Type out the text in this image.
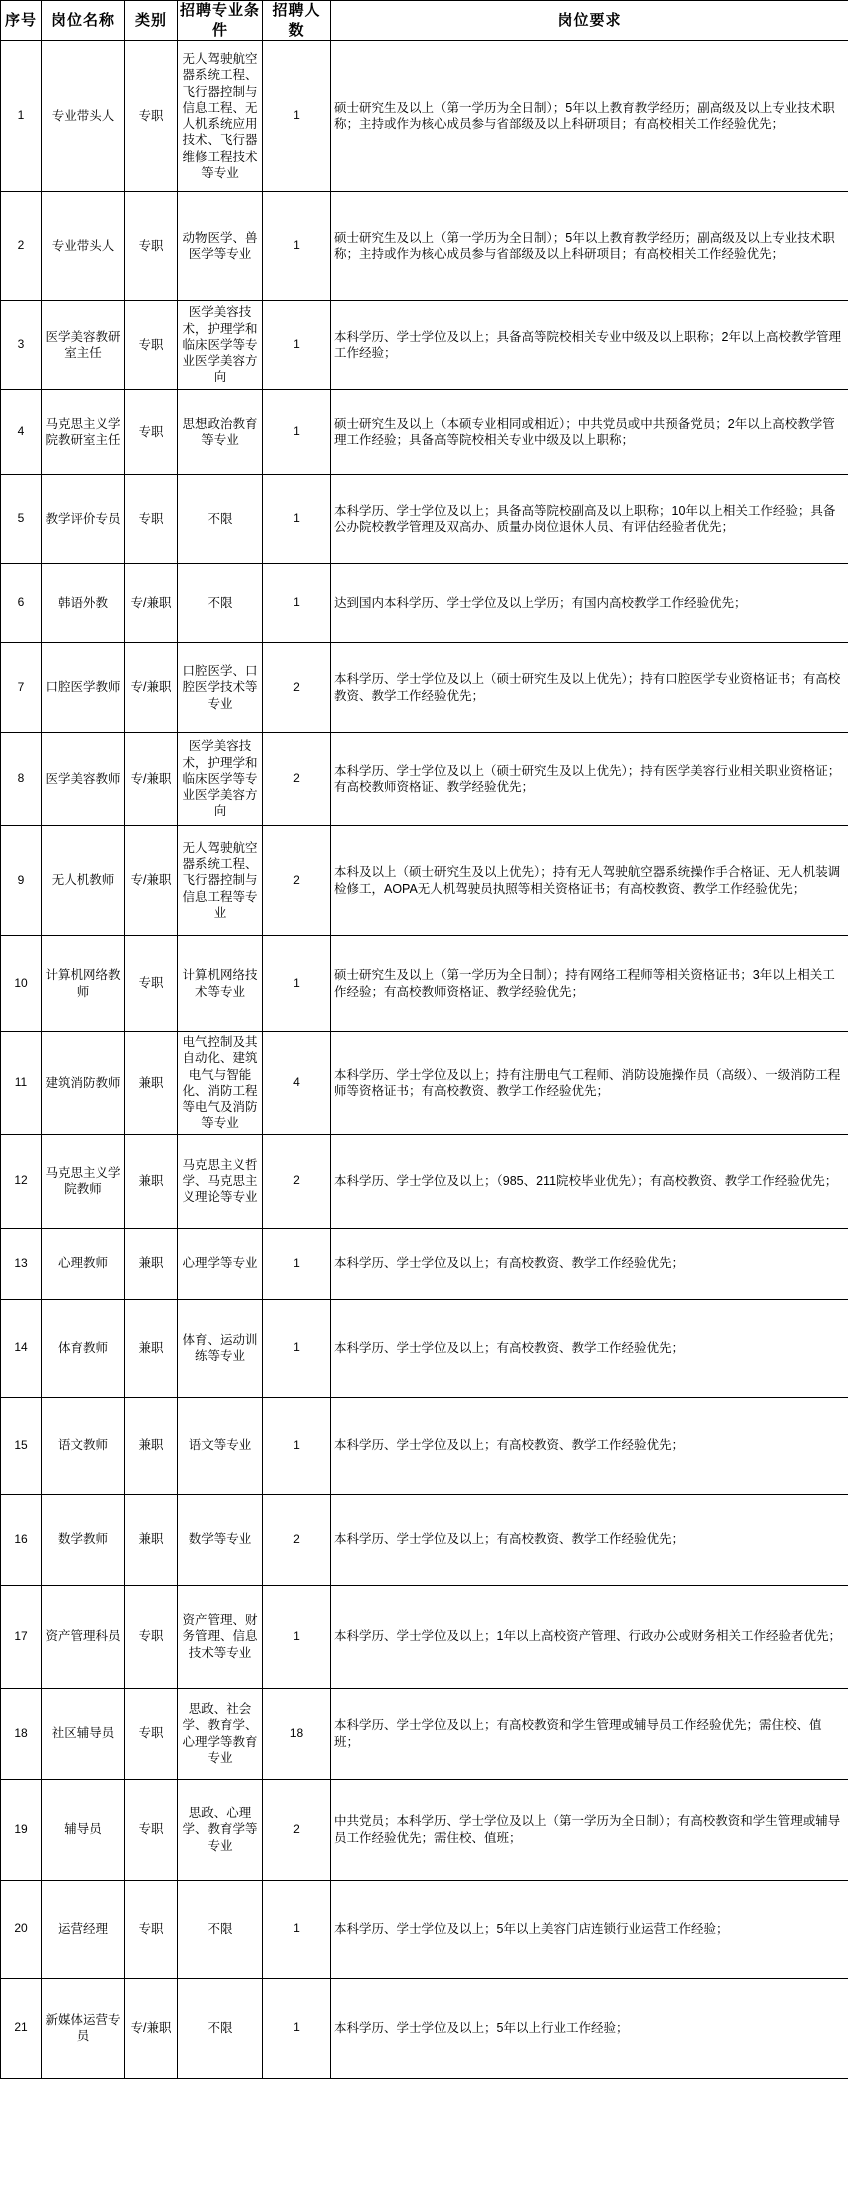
序号	岗位名称	类别	招聘专业条件	招聘人数	岗位要求
1	专业带头人	专职	无人驾驶航空器系统工程、飞行器控制与信息工程、无人机系统应用技术、飞行器维修工程技术等专业	1	硕士研究生及以上（第一学历为全日制）；5年以上教育教学经历；副高级及以上专业技术职称；主持或作为核心成员参与省部级及以上科研项目；有高校相关工作经验优先；
2	专业带头人	专职	动物医学、兽医学等专业	1	硕士研究生及以上（第一学历为全日制）；5年以上教育教学经历；副高级及以上专业技术职称；主持或作为核心成员参与省部级及以上科研项目；有高校相关工作经验优先；
3	医学美容教研室主任	专职	医学美容技术，护理学和临床医学等专业医学美容方向	1	本科学历、学士学位及以上；具备高等院校相关专业中级及以上职称；2年以上高校教学管理工作经验；
4	马克思主义学院教研室主任	专职	思想政治教育等专业	1	硕士研究生及以上（本硕专业相同或相近）；中共党员或中共预备党员；2年以上高校教学管理工作经验；具备高等院校相关专业中级及以上职称；
5	教学评价专员	专职	不限	1	本科学历、学士学位及以上；具备高等院校副高及以上职称；10年以上相关工作经验；具备公办院校教学管理及双高办、质量办岗位退休人员、有评估经验者优先；
6	韩语外教	专/兼职	不限	1	达到国内本科学历、学士学位及以上学历；有国内高校教学工作经验优先；
7	口腔医学教师	专/兼职	口腔医学、口腔医学技术等专业	2	本科学历、学士学位及以上（硕士研究生及以上优先）；持有口腔医学专业资格证书；有高校教资、教学工作经验优先；
8	医学美容教师	专/兼职	医学美容技术，护理学和临床医学等专业医学美容方向	2	本科学历、学士学位及以上（硕士研究生及以上优先）；持有医学美容行业相关职业资格证；有高校教师资格证、教学经验优先；
9	无人机教师	专/兼职	无人驾驶航空器系统工程、飞行器控制与信息工程等专业	2	本科及以上（硕士研究生及以上优先）；持有无人驾驶航空器系统操作手合格证、无人机装调检修工，AOPA无人机驾驶员执照等相关资格证书；有高校教资、教学工作经验优先；
10	计算机网络教师	专职	计算机网络技术等专业	1	硕士研究生及以上（第一学历为全日制）；持有网络工程师等相关资格证书；3年以上相关工作经验；有高校教师资格证、教学经验优先；
11	建筑消防教师	兼职	电气控制及其自动化、建筑电气与智能化、消防工程等电气及消防等专业	4	本科学历、学士学位及以上；持有注册电气工程师、消防设施操作员（高级）、一级消防工程师等资格证书；有高校教资、教学工作经验优先；
12	马克思主义学院教师	兼职	马克思主义哲学、马克思主义理论等专业	2	本科学历、学士学位及以上；（985、211院校毕业优先）；有高校教资、教学工作经验优先；
13	心理教师	兼职	心理学等专业	1	本科学历、学士学位及以上；有高校教资、教学工作经验优先；
14	体育教师	兼职	体育、运动训练等专业	1	本科学历、学士学位及以上；有高校教资、教学工作经验优先；
15	语文教师	兼职	语文等专业	1	本科学历、学士学位及以上；有高校教资、教学工作经验优先；
16	数学教师	兼职	数学等专业	2	本科学历、学士学位及以上；有高校教资、教学工作经验优先；
17	资产管理科员	专职	资产管理、财务管理、信息技术等专业	1	本科学历、学士学位及以上；1年以上高校资产管理、行政办公或财务相关工作经验者优先；
18	社区辅导员	专职	思政、社会学、教育学、心理学等教育专业	18	本科学历、学士学位及以上；有高校教资和学生管理或辅导员工作经验优先；需住校、值班；
19	辅导员	专职	思政、心理学、教育学等专业	2	中共党员；本科学历、学士学位及以上（第一学历为全日制）；有高校教资和学生管理或辅导员工作经验优先；需住校、值班；
20	运营经理	专职	不限	1	本科学历、学士学位及以上；5年以上美容门店连锁行业运营工作经验；
21	新媒体运营专员	专/兼职	不限	1	本科学历、学士学位及以上；5年以上行业工作经验；
